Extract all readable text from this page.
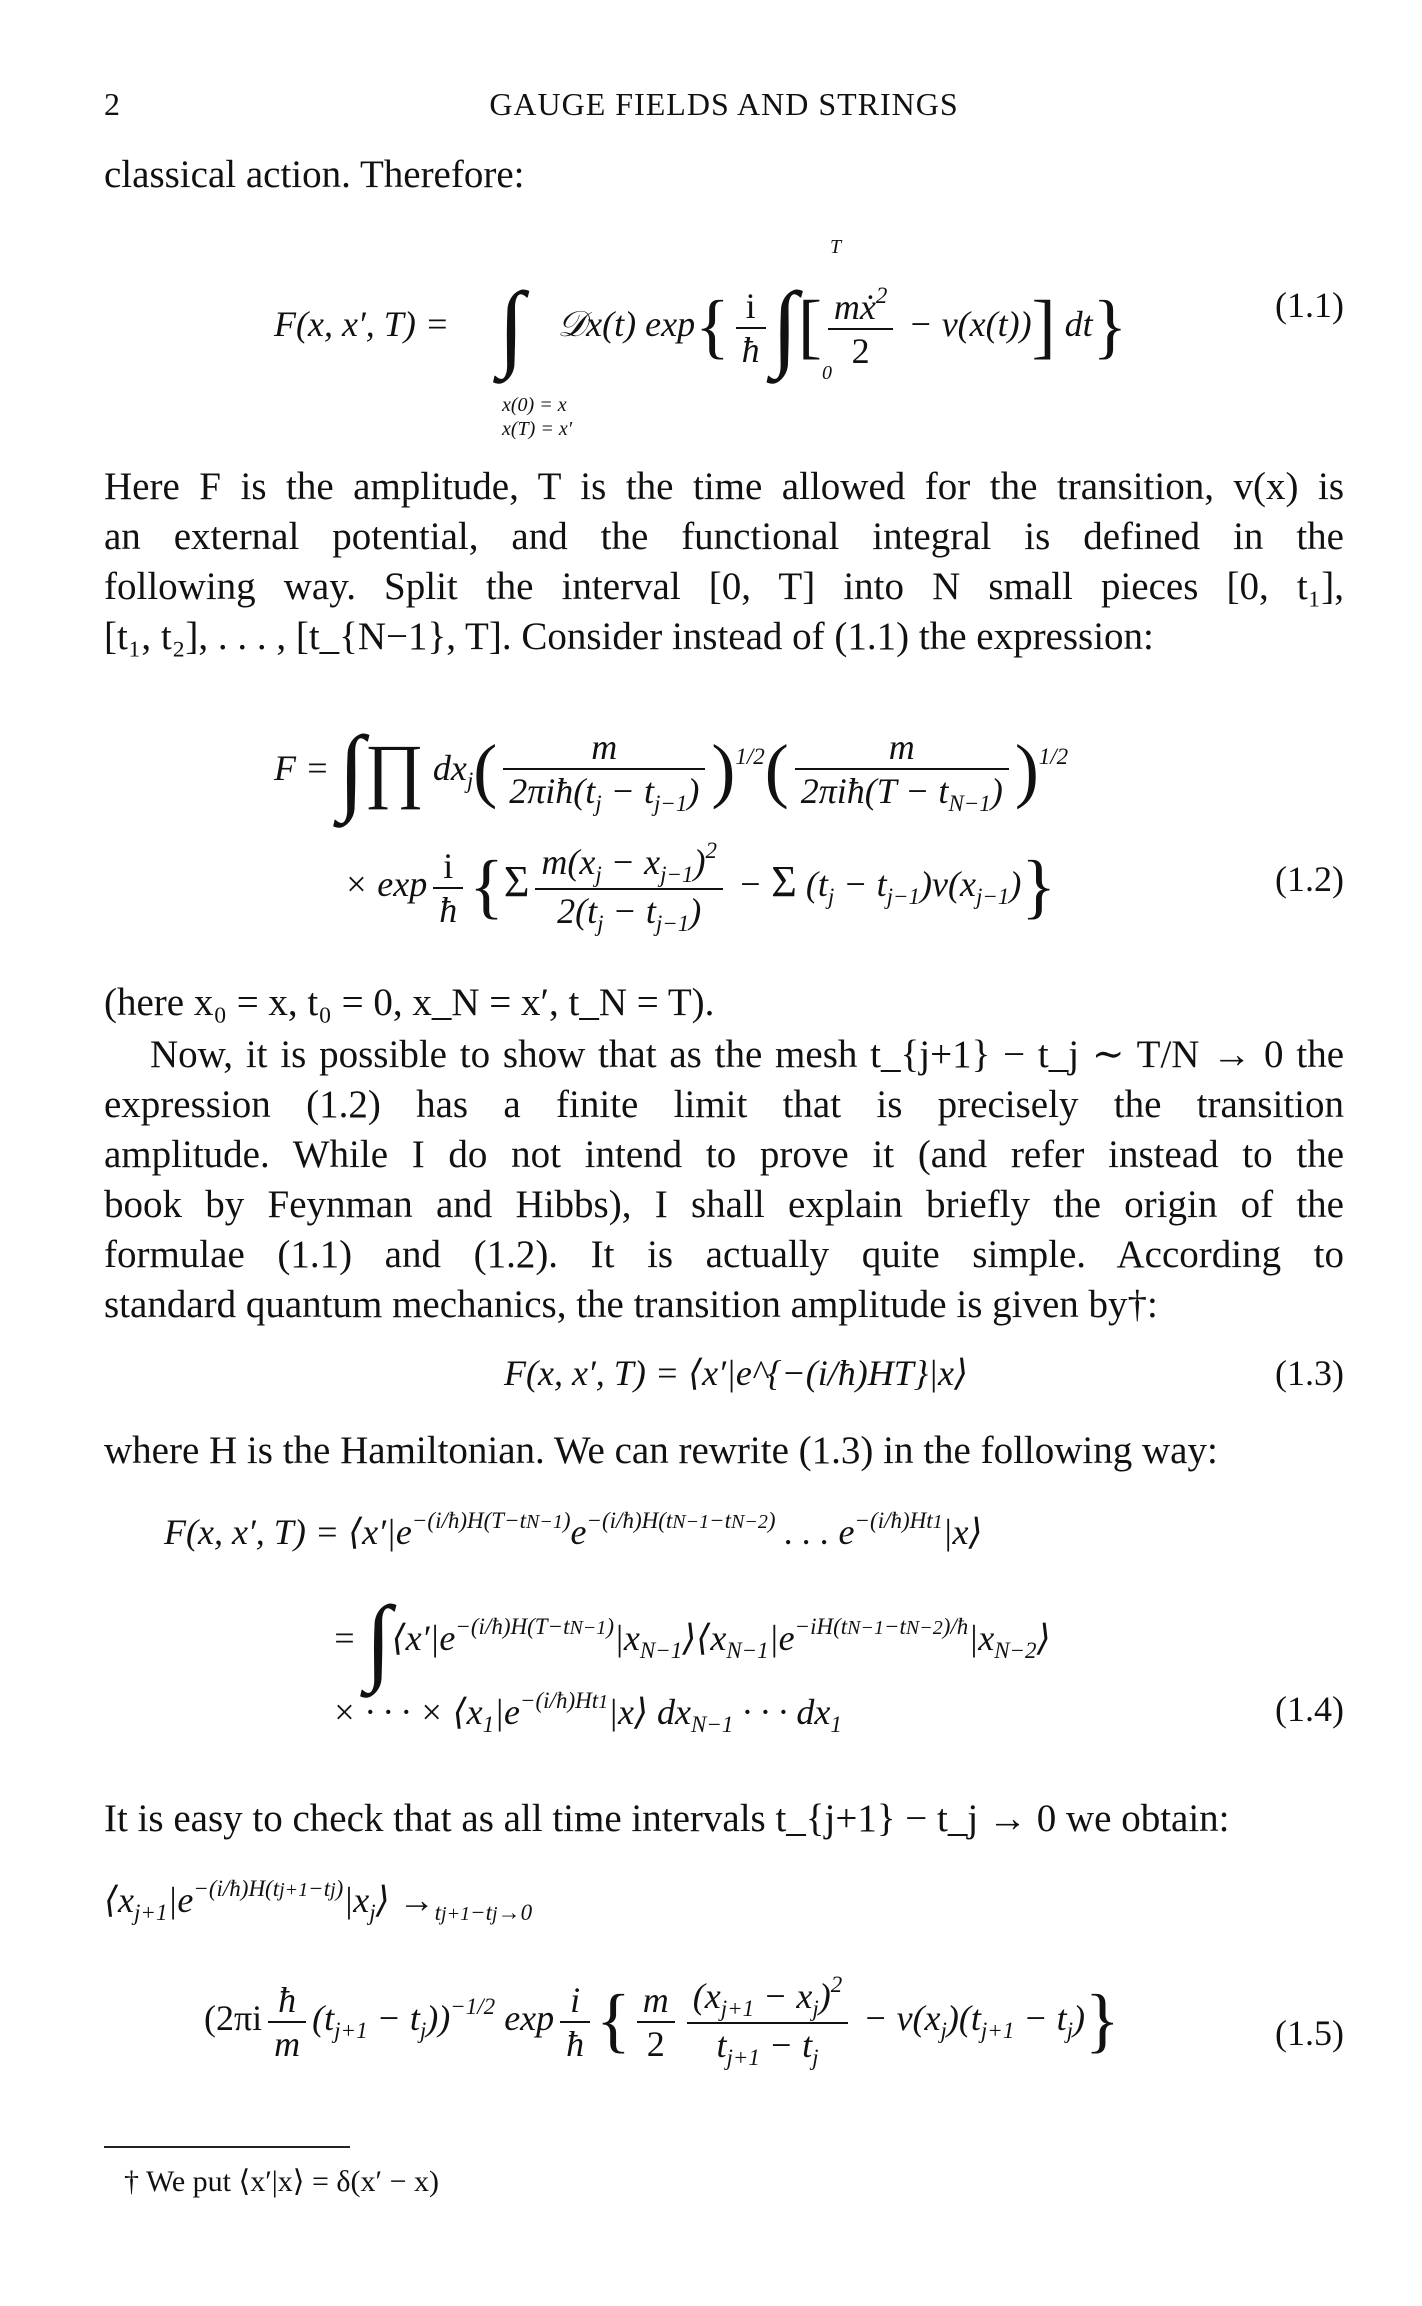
2	GAUGE FIELDS AND STRINGS

classical action. Therefore:

F(x, x′, T) = ∫ 𝒟x(t) $\exp\{ \frac{i}{ħ}$ ∫[ $\frac{mẋ^2}{2} - v(x(t))$] dt}
x(0) = x
x(T) = x′
T
0
(1.1)

Here F is the amplitude, T is the time allowed for the transition, v(x) is
an external potential, and the functional integral is defined in the
following way. Split the interval [0, T] into N small pieces [0, t₁],
[t₁, t₂], . . . , [t_{N−1}, T]. Consider instead of (1.1) the expression:

F = ∫∏ $dx_j( \frac{m}{2\pi iħ(t_j - t_{j-1})} )^{1/2}( \frac{m}{2\pi iħ(T - t_{N-1})} )^{1/2}$
× $\exp \frac{i}{ħ} \{\Sigma \frac{m(x_j - x_{j-1})^2}{2(t_j - t_{j-1})} - \Sigma$ $(t_j - t_{j-1})v(x_{j-1})$}	(1.2)

(here x₀ = x, t₀ = 0, x_N = x′, t_N = T).

Now, it is possible to show that as the mesh t_{j+1} − t_j ∼ T/N → 0 the
expression (1.2) has a finite limit that is precisely the transition
amplitude. While I do not intend to prove it (and refer instead to the
book by Feynman and Hibbs), I shall explain briefly the origin of the
formulae (1.1) and (1.2). It is actually quite simple. According to
standard quantum mechanics, the transition amplitude is given by†:

F(x, x′, T) = ⟨x′|e^{−(i/ħ)HT}|x⟩	(1.3)

where H is the Hamiltonian. We can rewrite (1.3) in the following way:

F(x, x′, $T) = ⟨x'|e^{-(i/ħ)H(T-tN-1)}e^{-(i/ħ)H(tN-1-tN-2)}$ . . . $e^{-(i/ħ)Ht1}|x⟩$
= $\int⟨x'|e^{-(i/ħ)H(T-tN-1)}|x_{N-1}⟩⟨x_{N-1}|e^{-iH(tN-1-tN-2)/ħ}|x_{N-2}⟩$
× · · · × $⟨x_1|e^{-(i/ħ)Ht1}|x⟩$ $dx_{N-1}$ · · · $dx_1$	(1.4)

It is easy to check that as all time intervals t_{j+1} − t_j → 0 we obtain:

$⟨x_{j+1}|e^{-(i/ħ)H(tj+1-tj)}|x_j⟩ \to_{tj+1-tj\to 0}$
$(2\pi i \frac{ħ}{m} (t_{j+1} - t_j))^{-1/2}$ $\exp \frac{i}{ħ}$ { $\frac{m}{2} \frac{(x_{j+1} - x_j)^2}{t_{j+1} - t_j} - v(x_j)(t_{j+1} - t_j)$}	(1.5)
† We put ⟨x′|x⟩ = δ(x′ − x)
